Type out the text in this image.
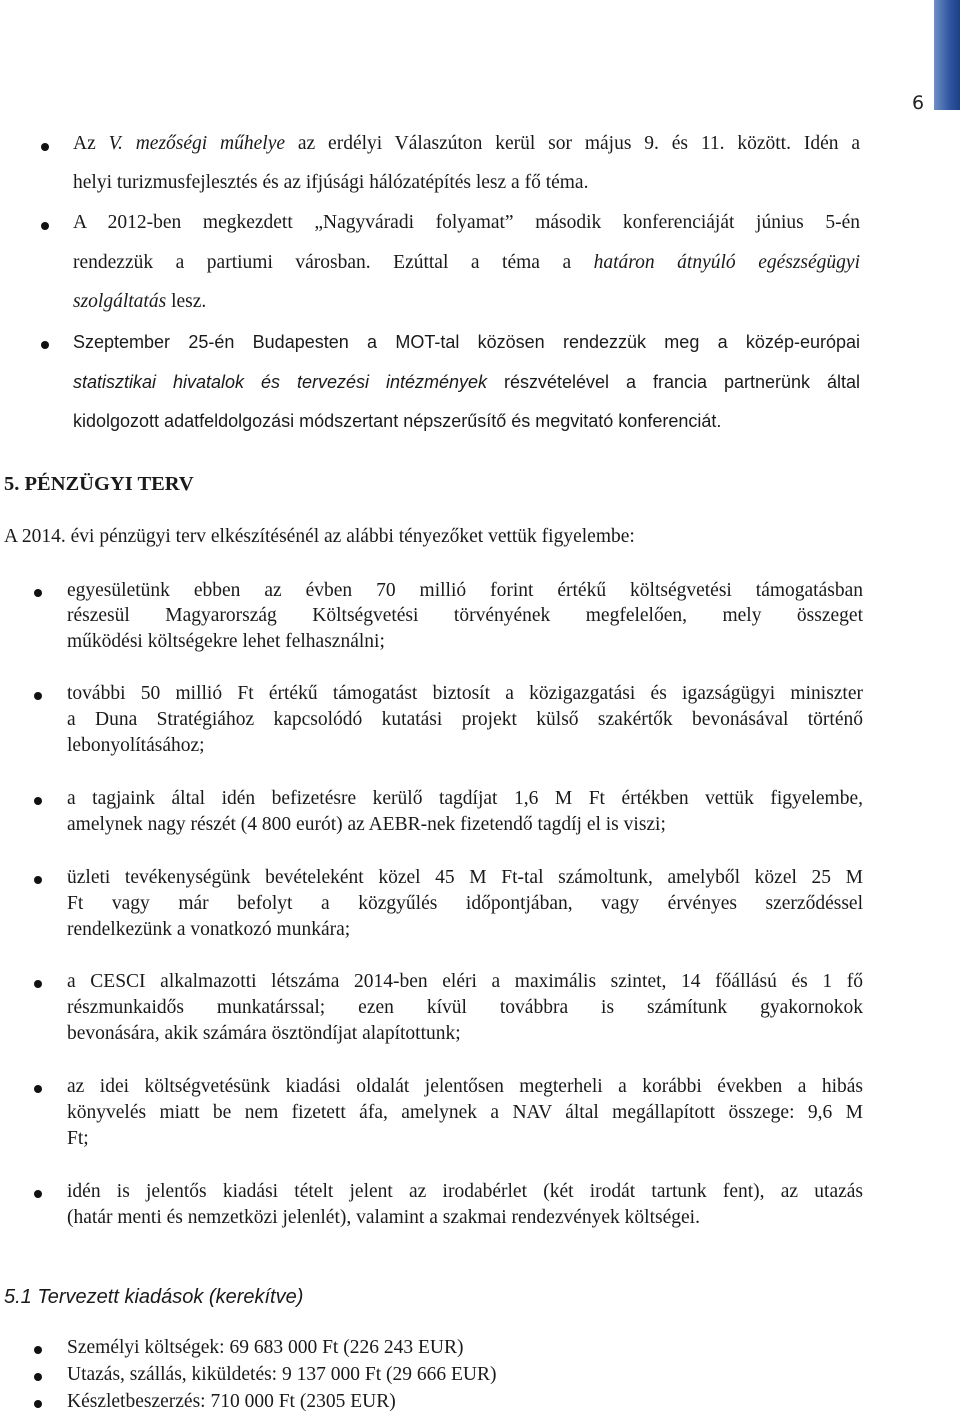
6
Az V. mezőségi műhelye az erdélyi Válaszúton kerül sor május 9. és 11. között. Idén a
helyi turizmusfejlesztés és az ifjúsági hálózatépítés lesz a fő téma.
A 2012-ben megkezdett „Nagyváradi folyamat” második konferenciáját június 5-én
rendezzük a partiumi városban. Ezúttal a téma a határon átnyúló egészségügyi
szolgáltatás lesz.
Szeptember 25-én Budapesten a MOT-tal közösen rendezzük meg a közép-európai
statisztikai hivatalok és tervezési intézmények részvételével a francia partnerünk által
kidolgozott adatfeldolgozási módszertant népszerűsítő és megvitató konferenciát.
5. PÉNZÜGYI TERV
A 2014. évi pénzügyi terv elkészítésénél az alábbi tényezőket vettük figyelembe:
egyesületünk ebben az évben 70 millió forint értékű költségvetési támogatásban
részesül Magyarország Költségvetési törvényének megfelelően, mely összeget
működési költségekre lehet felhasználni;
további 50 millió Ft értékű támogatást biztosít a közigazgatási és igazságügyi miniszter
a Duna Stratégiához kapcsolódó kutatási projekt külső szakértők bevonásával történő
lebonyolításához;
a tagjaink által idén befizetésre kerülő tagdíjat 1,6 M Ft értékben vettük figyelembe,
amelynek nagy részét (4 800 eurót) az AEBR-nek fizetendő tagdíj el is viszi;
üzleti tevékenységünk bevételeként közel 45 M Ft-tal számoltunk, amelyből közel 25 M
Ft vagy már befolyt a közgyűlés időpontjában, vagy érvényes szerződéssel
rendelkezünk a vonatkozó munkára;
a CESCI alkalmazotti létszáma 2014-ben eléri a maximális szintet, 14 főállású és 1 fő
részmunkaidős munkatárssal; ezen kívül továbbra is számítunk gyakornokok
bevonására, akik számára ösztöndíjat alapítottunk;
az idei költségvetésünk kiadási oldalát jelentősen megterheli a korábbi években a hibás
könyvelés miatt be nem fizetett áfa, amelynek a NAV által megállapított összege: 9,6 M
Ft;
idén is jelentős kiadási tételt jelent az irodabérlet (két irodát tartunk fent), az utazás
(határ menti és nemzetközi jelenlét), valamint a szakmai rendezvények költségei.
5.1 Tervezett kiadások (kerekítve)
Személyi költségek: 69 683 000 Ft (226 243 EUR)
Utazás, szállás, kiküldetés: 9 137 000 Ft (29 666 EUR)
Készletbeszerzés: 710 000 Ft (2305 EUR)
